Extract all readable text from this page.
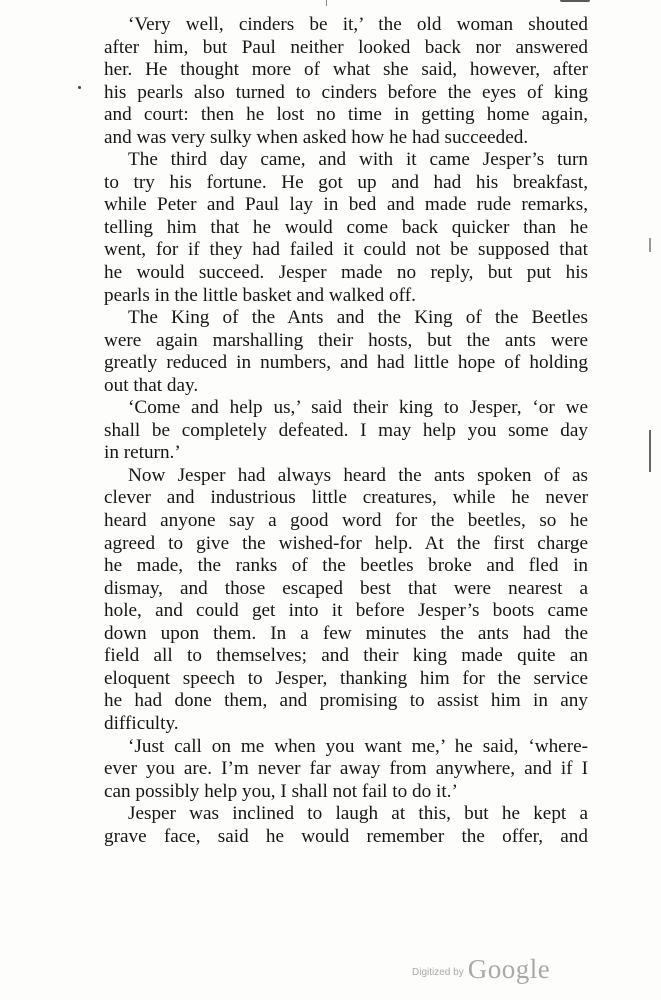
‘Very well, cinders be it,’ the old woman shouted
after him, but Paul neither looked back nor answered
her. He thought more of what she said, however, after
his pearls also turned to cinders before the eyes of king
and court: then he lost no time in getting home again,
and was very sulky when asked how he had succeeded.
The third day came, and with it came Jesper’s turn
to try his fortune. He got up and had his breakfast,
while Peter and Paul lay in bed and made rude remarks,
telling him that he would come back quicker than he
went, for if they had failed it could not be supposed that
he would succeed. Jesper made no reply, but put his
pearls in the little basket and walked off.
The King of the Ants and the King of the Beetles
were again marshalling their hosts, but the ants were
greatly reduced in numbers, and had little hope of holding
out that day.
‘Come and help us,’ said their king to Jesper, ‘or we
shall be completely defeated. I may help you some day
in return.’
Now Jesper had always heard the ants spoken of as
clever and industrious little creatures, while he never
heard anyone say a good word for the beetles, so he
agreed to give the wished-for help. At the first charge
he made, the ranks of the beetles broke and fled in
dismay, and those escaped best that were nearest a
hole, and could get into it before Jesper’s boots came
down upon them. In a few minutes the ants had the
field all to themselves; and their king made quite an
eloquent speech to Jesper, thanking him for the service
he had done them, and promising to assist him in any
difficulty.
‘Just call on me when you want me,’ he said, ‘where-
ever you are. I’m never far away from anywhere, and if I
can possibly help you, I shall not fail to do it.’
Jesper was inclined to laugh at this, but he kept a
grave face, said he would remember the offer, and
Digitized by Google
